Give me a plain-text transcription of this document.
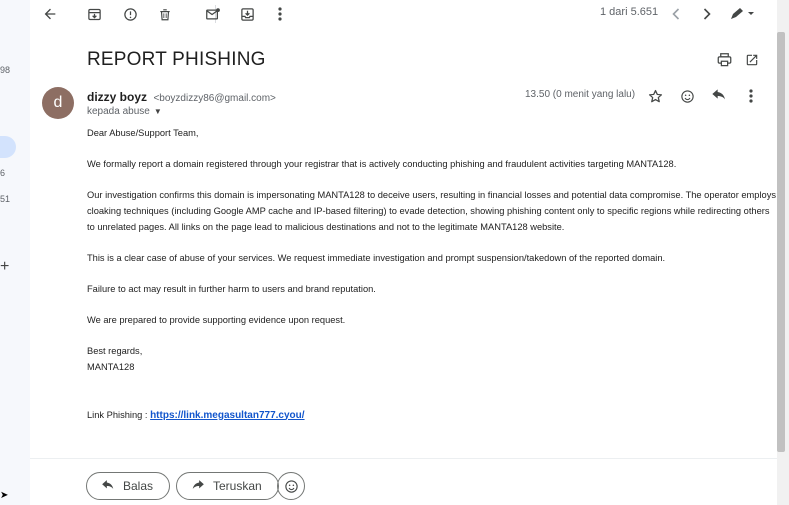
98
6
51
+
➤
1 dari 5.651
REPORT PHISHING
d	dizzy boyz <boyzdizzy86@gmail.com>
kepada abuse ▼
13.50 (0 menit yang lalu)

Dear Abuse/Support Team,

We formally report a domain registered through your registrar that is actively conducting phishing and fraudulent activities targeting MANTA128.

Our investigation confirms this domain is impersonating MANTA128 to deceive users, resulting in financial losses and potential data compromise. The operator employs cloaking techniques (including Google AMP cache and IP-based filtering) to evade detection, showing phishing content only to specific regions while redirecting others to unrelated pages. All links on the page lead to malicious destinations and not to the legitimate MANTA128 website.

This is a clear case of abuse of your services. We request immediate investigation and prompt suspension/takedown of the reported domain.

Failure to act may result in further harm to users and brand reputation.

We are prepared to provide supporting evidence upon request.

Best regards,

MANTA128

Link Phishing : https://link.megasultan777.cyou/

Balas	Teruskan
